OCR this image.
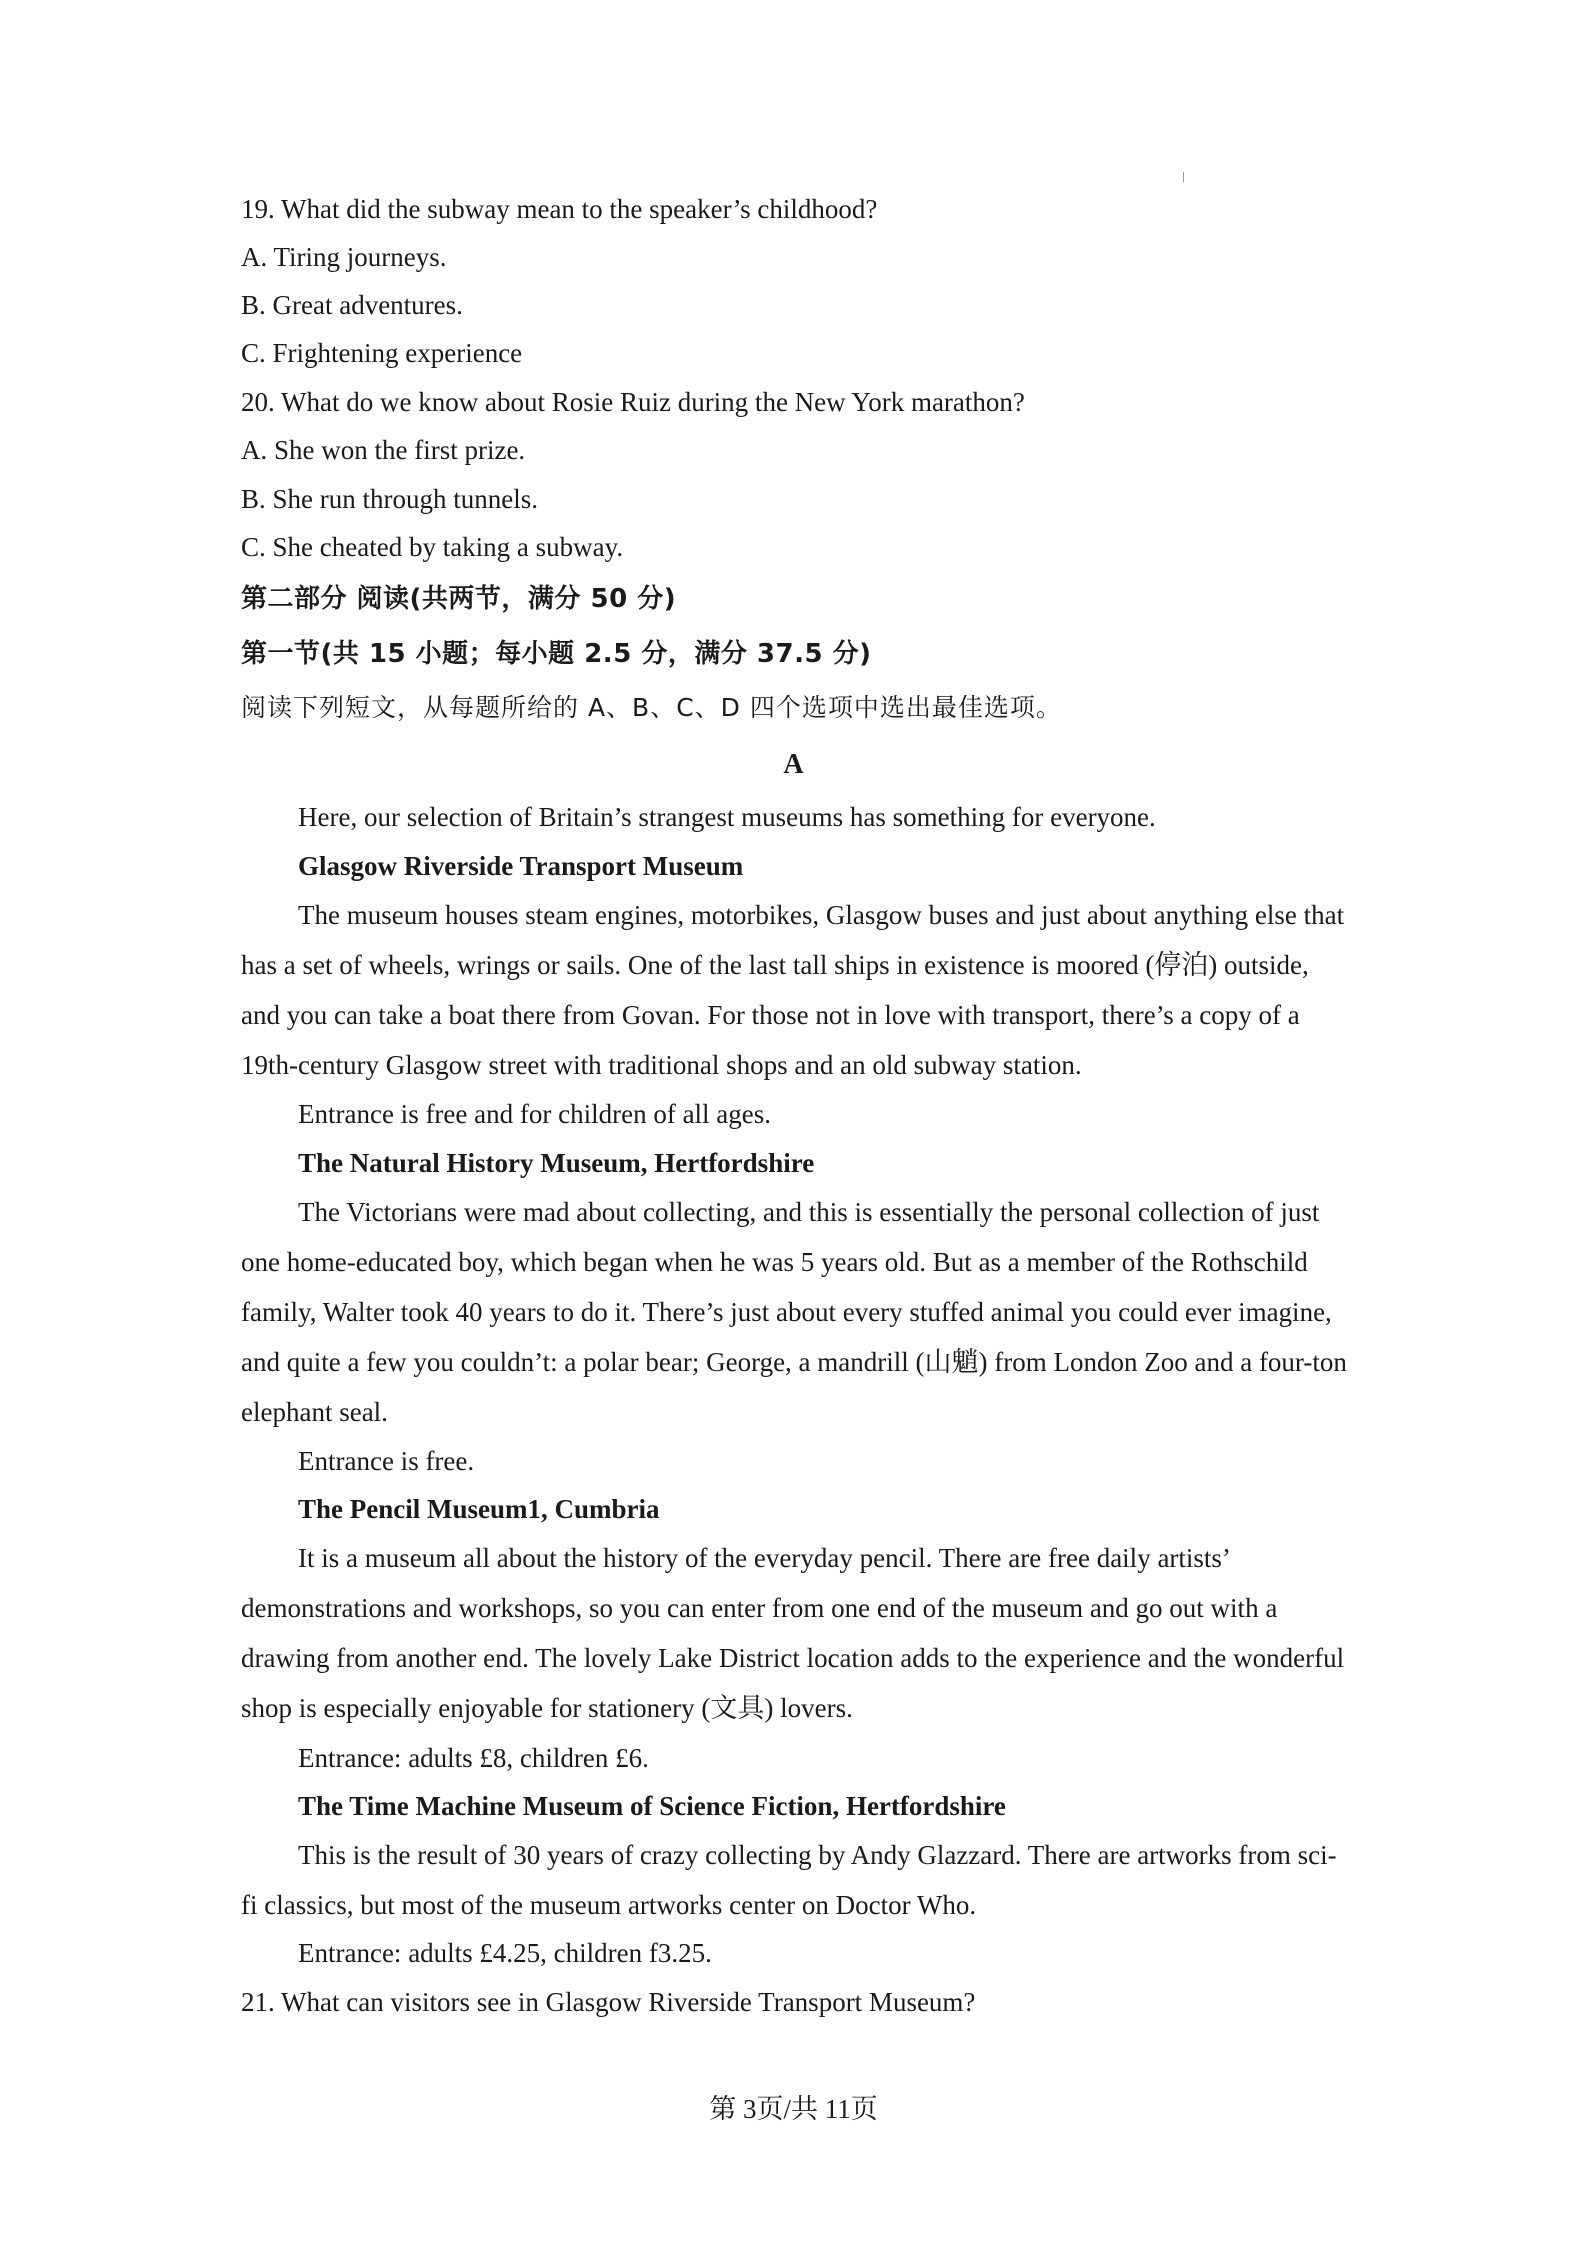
19. What did the subway mean to the speaker’s childhood?
A. Tiring journeys.
B. Great adventures.
C. Frightening experience
20. What do we know about Rosie Ruiz during the New York marathon?
A. She won the first prize.
B. She run through tunnels.
C. She cheated by taking a subway.
第二部分 阅读(共两节，满分 50 分)
第一节(共 15 小题；每小题 2.5 分，满分 37.5 分)
阅读下列短文，从每题所给的 A、B、C、D 四个选项中选出最佳选项。
A
Here, our selection of Britain’s strangest museums has something for everyone.
Glasgow Riverside Transport Museum

The museum houses steam engines, motorbikes, Glasgow buses and just about anything else that has a set of wheels, wrings or sails. One of the last tall ships in existence is moored (停泊) outside, and you can take a boat there from Govan. For those not in love with transport, there’s a copy of a 19th-century Glasgow street with traditional shops and an old subway station.

Entrance is free and for children of all ages.
The Natural History Museum, Hertfordshire

The Victorians were mad about collecting, and this is essentially the personal collection of just one home-educated boy, which began when he was 5 years old. But as a member of the Rothschild family, Walter took 40 years to do it. There’s just about every stuffed animal you could ever imagine, and quite a few you couldn’t: a polar bear; George, a mandrill (山魈) from London Zoo and a four-ton elephant seal.

Entrance is free.
The Pencil Museum1, Cumbria

It is a museum all about the history of the everyday pencil. There are free daily artists’ demonstrations and workshops, so you can enter from one end of the museum and go out with a drawing from another end. The lovely Lake District location adds to the experience and the wonderful shop is especially enjoyable for stationery (文具) lovers.

Entrance: adults £8, children £6.
The Time Machine Museum of Science Fiction, Hertfordshire

This is the result of 30 years of crazy collecting by Andy Glazzard. There are artworks from sci-fi classics, but most of the museum artworks center on Doctor Who.

Entrance: adults £4.25, children f3.25.
21. What can visitors see in Glasgow Riverside Transport Museum?
第 3页/共 11页
